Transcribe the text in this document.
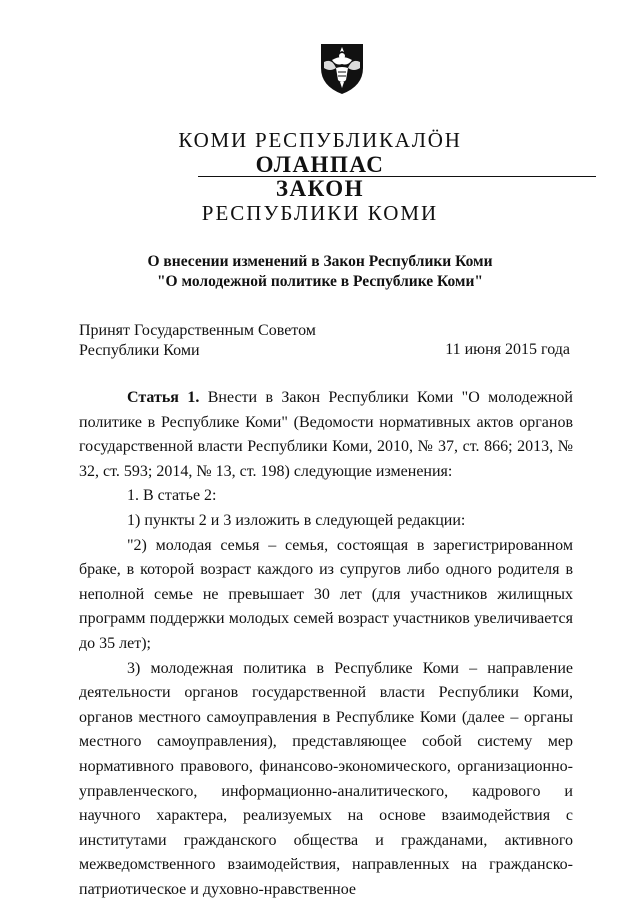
КОМИ РЕСПУБЛИКАЛӦН
ОЛАНПАС
ЗАКОН
РЕСПУБЛИКИ КОМИ
О внесении изменений в Закон Республики Коми
"О молодежной политике в Республике Коми"
Принят Государственным Советом
Республики Коми	11 июня 2015 года

Статья 1. Внести в Закон Республики Коми "О молодежной политике в Республике Коми" (Ведомости нормативных актов органов государственной власти Республики Коми, 2010, № 37, ст. 866; 2013, № 32, ст. 593; 2014, № 13, ст. 198) следующие изменения:

1. В статье 2:

1) пункты 2 и 3 изложить в следующей редакции:

"2) молодая семья – семья, состоящая в зарегистрированном браке, в которой возраст каждого из супругов либо одного родителя в неполной семье не превышает 30 лет (для участников жилищных программ поддержки молодых семей возраст участников увеличивается до 35 лет);

3) молодежная политика в Республике Коми – направление деятельности органов государственной власти Республики Коми, органов местного самоуправления в Республике Коми (далее – органы местного самоуправления), представляющее собой систему мер нормативного правового, финансово-экономического, организационно-управленческого, информационно-аналитического, кадрового и научного характера, реализуемых на основе взаимодействия с институтами гражданского общества и гражданами, активного межведомственного взаимодействия, направленных на гражданско-патриотическое и духовно-нравственное
